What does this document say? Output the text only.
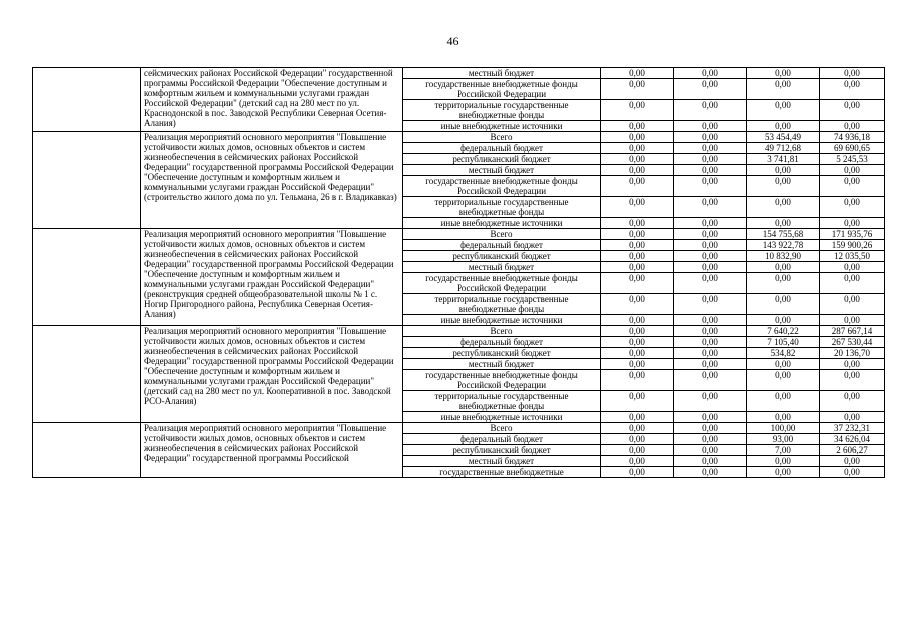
46
	сейсмических районах Российской Федерации" государственной программы Российской Федерации "Обеспечение доступным и комфортным жильем и коммунальными услугами граждан Российской Федерации" (детский сад на 280 мест по ул. Краснодонской в пос. Заводской Республики Северная Осетия-Алания)	местный бюджет	0,00	0,00	0,00	0,00
		государственные внебюджетные фонды Российской Федерации	0,00	0,00	0,00	0,00
		территориальные государственные внебюджетные фонды	0,00	0,00	0,00	0,00
		иные внебюджетные источники	0,00	0,00	0,00	0,00
	Реализация мероприятий основного мероприятия "Повышение устойчивости жилых домов, основных объектов и систем жизнеобеспечения в сейсмических районах Российской Федерации" государственной программы Российской Федерации "Обеспечение доступным и комфортным жильем и коммунальными услугами граждан Российской Федерации" (строительство жилого дома по ул. Тельмана, 26 в г. Владикавказ)	Всего	0,00	0,00	53 454,49	74 936,18
		федеральный бюджет	0,00	0,00	49 712,68	69 690,65
		республиканский бюджет	0,00	0,00	3 741,81	5 245,53
		местный бюджет	0,00	0,00	0,00	0,00
		государственные внебюджетные фонды Российской Федерации	0,00	0,00	0,00	0,00
		территориальные государственные внебюджетные фонды	0,00	0,00	0,00	0,00
		иные внебюджетные источники	0,00	0,00	0,00	0,00
	Реализация мероприятий основного мероприятия "Повышение устойчивости жилых домов, основных объектов и систем жизнеобеспечения в сейсмических районах Российской Федерации" государственной программы Российской Федерации "Обеспечение доступным и комфортным жильем и коммунальными услугами граждан Российской Федерации" (реконструкция средней общеобразовательной школы № 1 с. Ногир Пригородного района, Республика Северная Осетия-Алания)	Всего	0,00	0,00	154 755,68	171 935,76
		федеральный бюджет	0,00	0,00	143 922,78	159 900,26
		республиканский бюджет	0,00	0,00	10 832,90	12 035,50
		местный бюджет	0,00	0,00	0,00	0,00
		государственные внебюджетные фонды Российской Федерации	0,00	0,00	0,00	0,00
		территориальные государственные внебюджетные фонды	0,00	0,00	0,00	0,00
		иные внебюджетные источники	0,00	0,00	0,00	0,00
	Реализация мероприятий основного мероприятия "Повышение устойчивости жилых домов, основных объектов и систем жизнеобеспечения в сейсмических районах Российской Федерации" государственной программы Российской Федерации "Обеспечение доступным и комфортным жильем и коммунальными услугами граждан Российской Федерации" (детский сад на 280 мест по ул. Кооперативной в пос. Заводской РСО-Алания)	Всего	0,00	0,00	7 640,22	287 667,14
		федеральный бюджет	0,00	0,00	7 105,40	267 530,44
		республиканский бюджет	0,00	0,00	534,82	20 136,70
		местный бюджет	0,00	0,00	0,00	0,00
		государственные внебюджетные фонды Российской Федерации	0,00	0,00	0,00	0,00
		территориальные государственные внебюджетные фонды	0,00	0,00	0,00	0,00
		иные внебюджетные источники	0,00	0,00	0,00	0,00
	Реализация мероприятий основного мероприятия "Повышение устойчивости жилых домов, основных объектов и систем жизнеобеспечения в сейсмических районах Российской Федерации" государственной программы Российской	Всего	0,00	0,00	100,00	37 232,31
		федеральный бюджет	0,00	0,00	93,00	34 626,04
		республиканский бюджет	0,00	0,00	7,00	2 606,27
		местный бюджет	0,00	0,00	0,00	0,00
		государственные внебюджетные	0,00	0,00	0,00	0,00
